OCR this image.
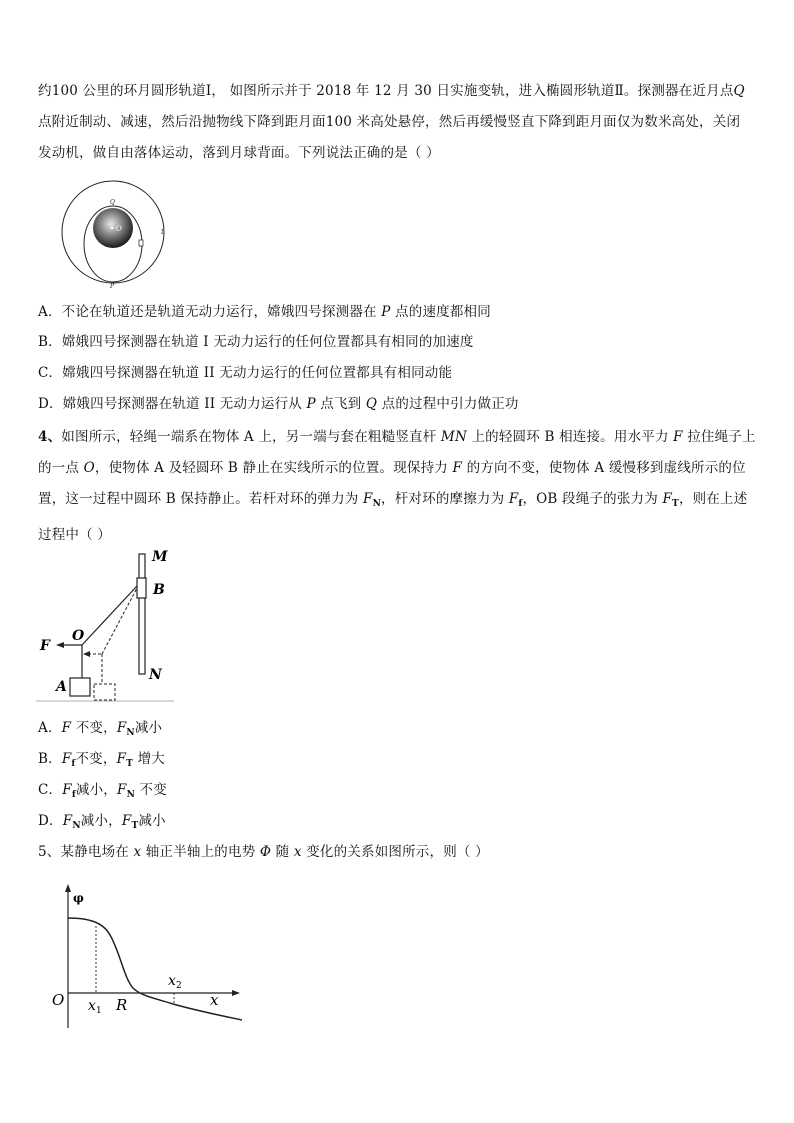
约100 公里的环月圆形轨道Ⅰ， 如图所示并于 2018 年 12 月 30 日实施变轨，进入椭圆形轨道Ⅱ。探测器在近月点Q
点附近制动、减速，然后沿抛物线下降到距月面100 米高处悬停，然后再缓慢竖直下降到距月面仅为数米高处，关闭
发动机，做自由落体运动，落到月球背面。下列说法正确的是（ ）
O
Q
P
Ⅰ
A．不论在轨道还是轨道无动力运行，嫦娥四号探测器在 P 点的速度都相同
B．嫦娥四号探测器在轨道 I 无动力运行的任何位置都具有相同的加速度
C．嫦娥四号探测器在轨道 II 无动力运行的任何位置都具有相同动能
D．嫦娥四号探测器在轨道 II 无动力运行从 P 点飞到 Q 点的过程中引力做正功
4、如图所示，轻绳一端系在物体 A 上，另一端与套在粗糙竖直杆 MN 上的轻圆环 B 相连接。用水平力 F 拉住绳子上
的一点 O，使物体 A 及轻圆环 B 静止在实线所示的位置。现保持力 F 的方向不变，使物体 A 缓慢移到虚线所示的位
置，这一过程中圆环 B 保持静止。若杆对环的弹力为 $F_N$，杆对环的摩擦力为 $F_f$，OB 段绳子的张力为 $F_T$，则在上述
过程中（ ）
M
B
N
F
O
A
A．F 不变，$F_N$减小
B．$F_f$不变，$F_T$ 增大
C．$F_f$减小，$F_N$ 不变
D．$F_N$减小，$F_T$减小
5、某静电场在 x 轴正半轴上的电势 Φ 随 x 变化的关系如图所示，则（ ）
φ
O x 1 R
x 2
x
